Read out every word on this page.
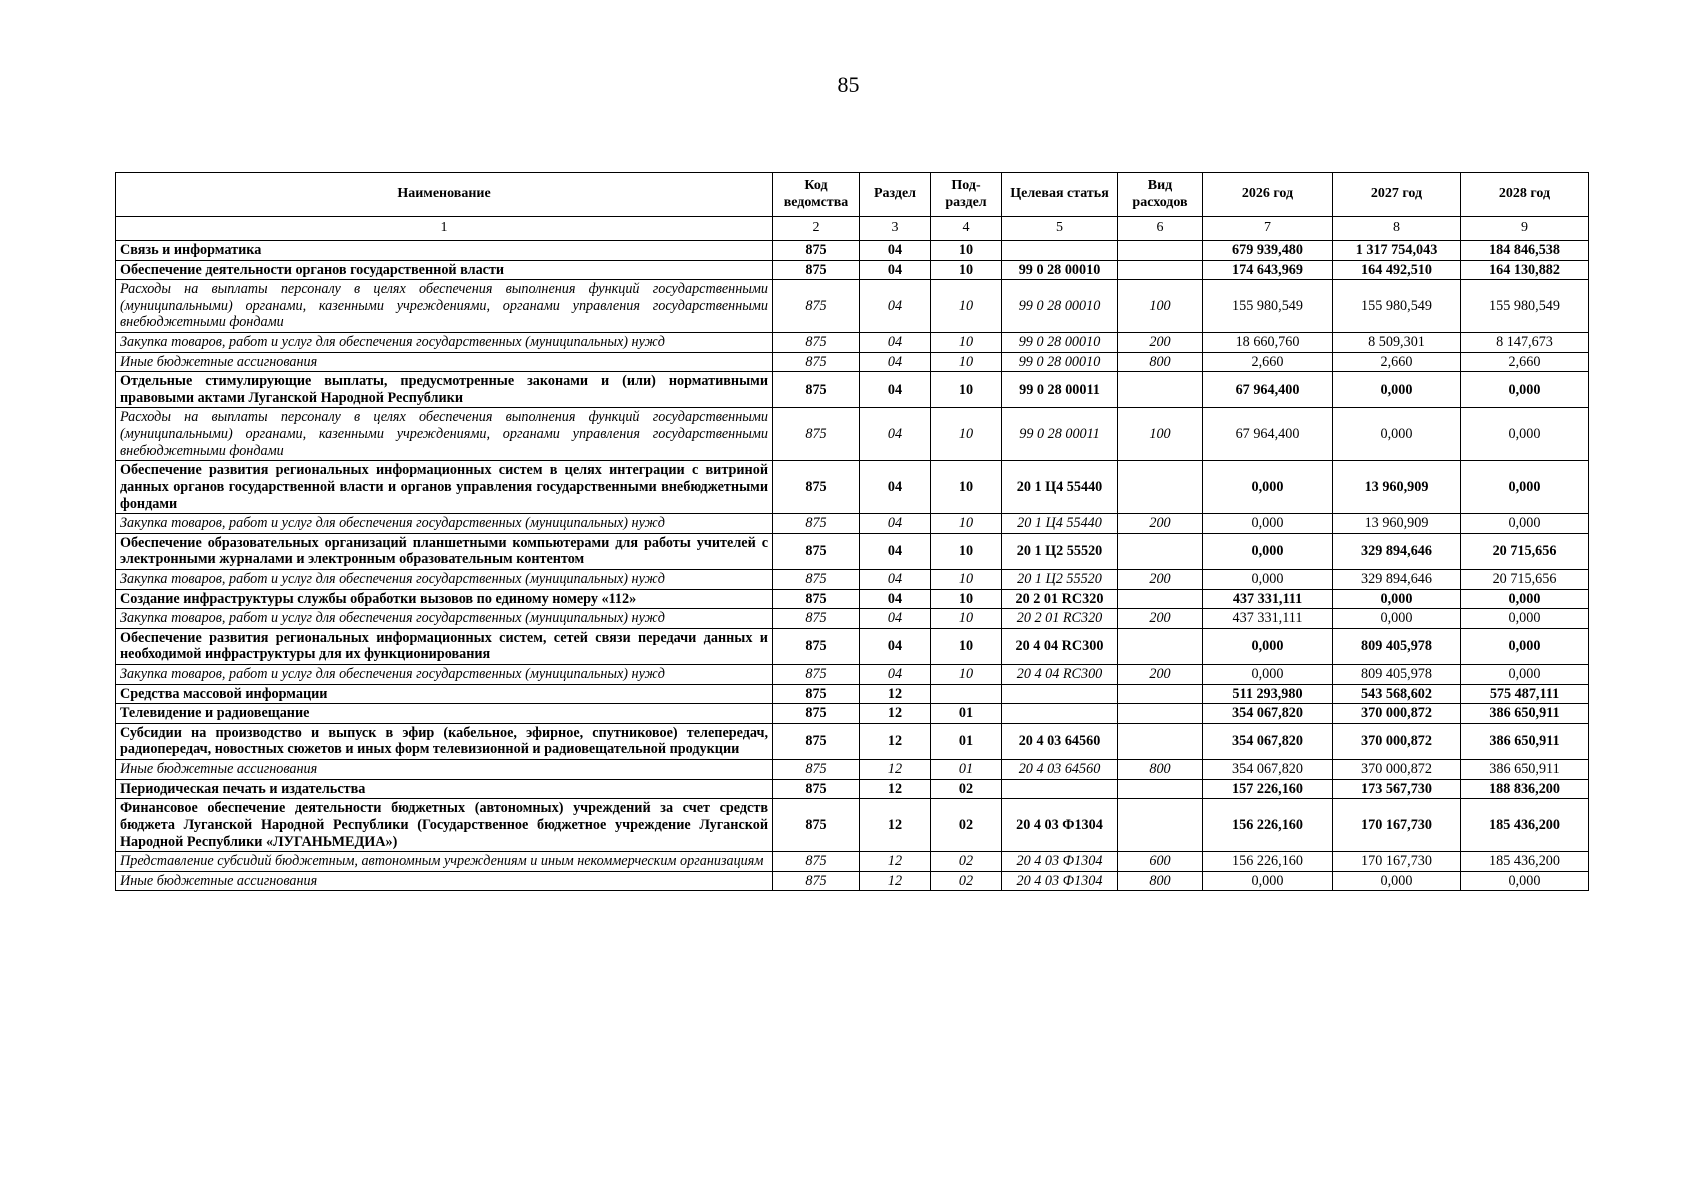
85
Наименование	Код ведомства	Раздел	Под-раздел	Целевая статья	Вид расходов	2026 год	2027 год	2028 год
1	2	3	4	5	6	7	8	9
Связь и информатика	875	04	10			679 939,480	1 317 754,043	184 846,538
Обеспечение деятельности органов государственной власти	875	04	10	99 0 28 00010		174 643,969	164 492,510	164 130,882
Расходы на выплаты персоналу в целях обеспечения выполнения функций государственными (муниципальными) органами, казенными учреждениями, органами управления государственными внебюджетными фондами	875	04	10	99 0 28 00010	100	155 980,549	155 980,549	155 980,549
Закупка товаров, работ и услуг для обеспечения государственных (муниципальных) нужд	875	04	10	99 0 28 00010	200	18 660,760	8 509,301	8 147,673
Иные бюджетные ассигнования	875	04	10	99 0 28 00010	800	2,660	2,660	2,660
Отдельные стимулирующие выплаты, предусмотренные законами и (или) нормативными правовыми актами Луганской Народной Республики	875	04	10	99 0 28 00011		67 964,400	0,000	0,000
Расходы на выплаты персоналу в целях обеспечения выполнения функций государственными (муниципальными) органами, казенными учреждениями, органами управления государственными внебюджетными фондами	875	04	10	99 0 28 00011	100	67 964,400	0,000	0,000
Обеспечение развития региональных информационных систем в целях интеграции с витриной данных органов государственной власти и органов управления государственными внебюджетными фондами	875	04	10	20 1 Ц4 55440		0,000	13 960,909	0,000
Закупка товаров, работ и услуг для обеспечения государственных (муниципальных) нужд	875	04	10	20 1 Ц4 55440	200	0,000	13 960,909	0,000
Обеспечение образовательных организаций планшетными компьютерами для работы учителей с электронными журналами и электронным образовательным контентом	875	04	10	20 1 Ц2 55520		0,000	329 894,646	20 715,656
Закупка товаров, работ и услуг для обеспечения государственных (муниципальных) нужд	875	04	10	20 1 Ц2 55520	200	0,000	329 894,646	20 715,656
Создание инфраструктуры службы обработки вызовов по единому номеру «112»	875	04	10	20 2 01 RC320		437 331,111	0,000	0,000
Закупка товаров, работ и услуг для обеспечения государственных (муниципальных) нужд	875	04	10	20 2 01 RC320	200	437 331,111	0,000	0,000
Обеспечение развития региональных информационных систем, сетей связи передачи данных и необходимой инфраструктуры для их функционирования	875	04	10	20 4 04 RC300		0,000	809 405,978	0,000
Закупка товаров, работ и услуг для обеспечения государственных (муниципальных) нужд	875	04	10	20 4 04 RC300	200	0,000	809 405,978	0,000
Средства массовой информации	875	12				511 293,980	543 568,602	575 487,111
Телевидение и радиовещание	875	12	01			354 067,820	370 000,872	386 650,911
Субсидии на производство и выпуск в эфир (кабельное, эфирное, спутниковое) телепередач, радиопередач, новостных сюжетов и иных форм телевизионной и радиовещательной продукции	875	12	01	20 4 03 64560		354 067,820	370 000,872	386 650,911
Иные бюджетные ассигнования	875	12	01	20 4 03 64560	800	354 067,820	370 000,872	386 650,911
Периодическая печать и издательства	875	12	02			157 226,160	173 567,730	188 836,200
Финансовое обеспечение деятельности бюджетных (автономных) учреждений за счет средств бюджета Луганской Народной Республики (Государственное бюджетное учреждение Луганской Народной Республики «ЛУГАНЬМЕДИА»)	875	12	02	20 4 03 Ф1304		156 226,160	170 167,730	185 436,200
Представление субсидий бюджетным, автономным учреждениям и иным некоммерческим организациям	875	12	02	20 4 03 Ф1304	600	156 226,160	170 167,730	185 436,200
Иные бюджетные ассигнования	875	12	02	20 4 03 Ф1304	800	0,000	0,000	0,000
